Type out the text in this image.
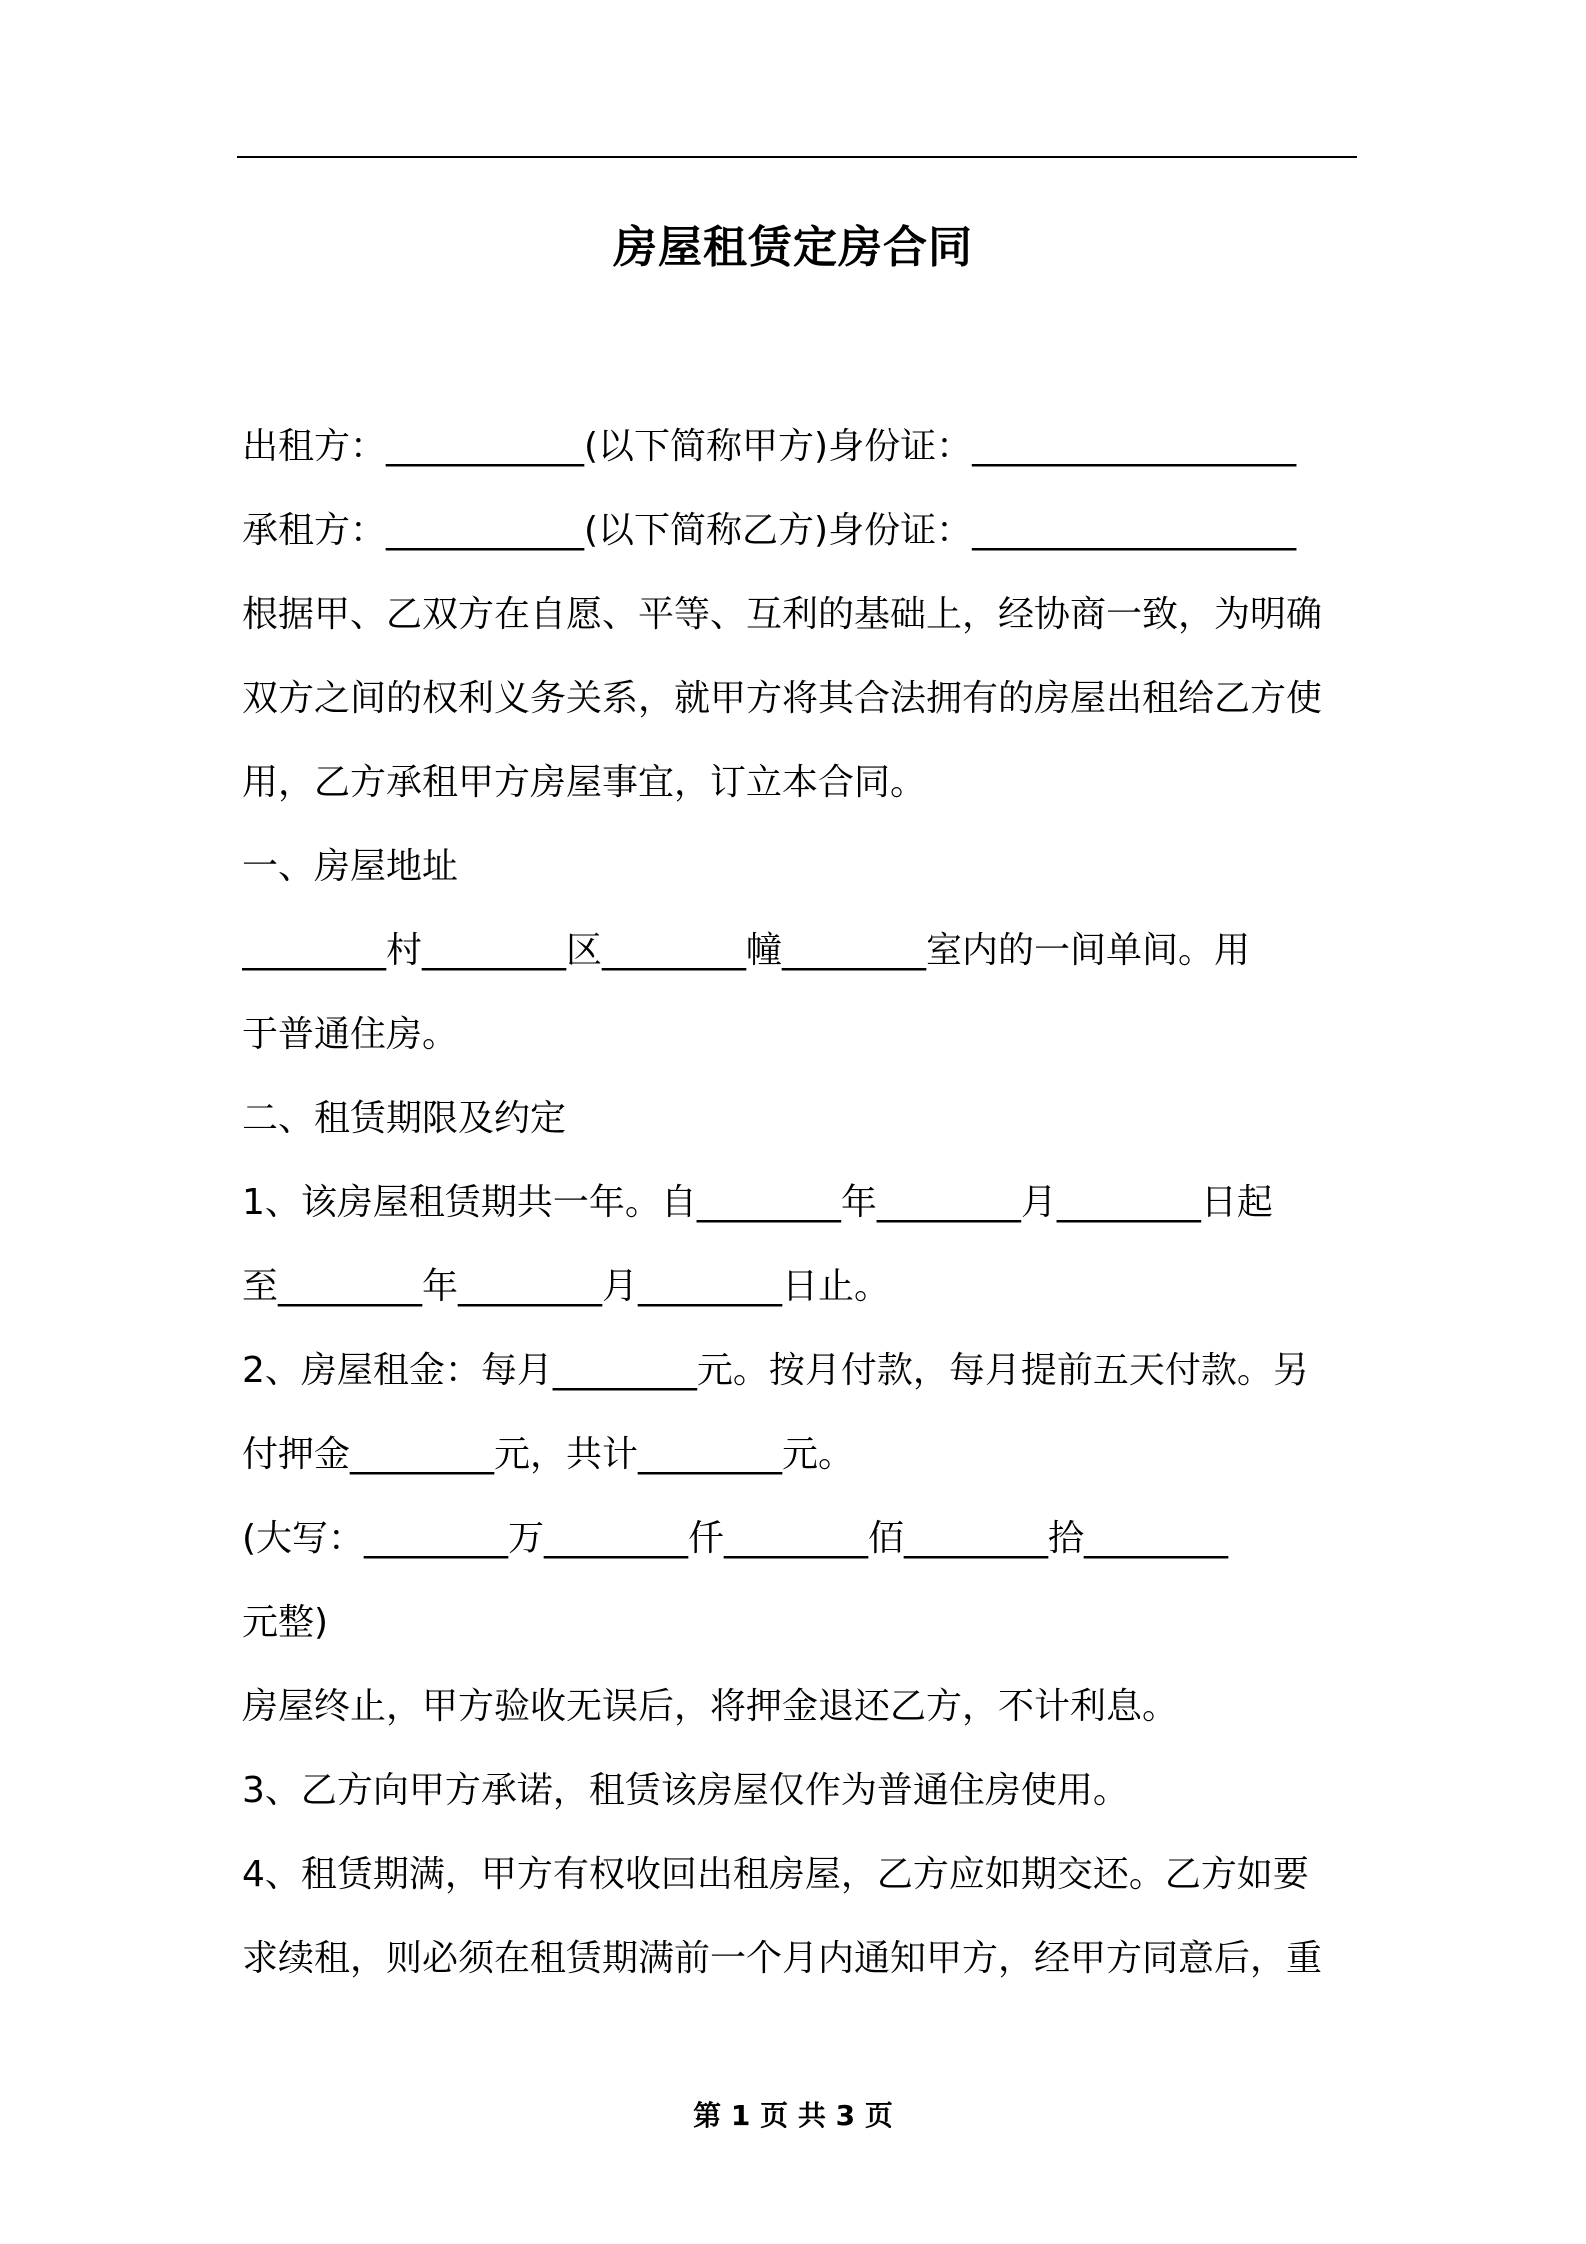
房屋租赁定房合同
出租方：___________(以下简称甲方)身份证：__________________
承租方：___________(以下简称乙方)身份证：__________________
根据甲、乙双方在自愿、平等、互利的基础上，经协商一致，为明确
双方之间的权利义务关系，就甲方将其合法拥有的房屋出租给乙方使
用，乙方承租甲方房屋事宜，订立本合同。
一、房屋地址
________村________区________幢________室内的一间单间。用
于普通住房。
二、租赁期限及约定
1、该房屋租赁期共一年。自________年________月________日起
至________年________月________日止。
2、房屋租金：每月________元。按月付款，每月提前五天付款。另
付押金________元，共计________元。
(大写：________万________仟________佰________拾________
元整)
房屋终止，甲方验收无误后，将押金退还乙方，不计利息。
3、乙方向甲方承诺，租赁该房屋仅作为普通住房使用。
4、租赁期满，甲方有权收回出租房屋，乙方应如期交还。乙方如要
求续租，则必须在租赁期满前一个月内通知甲方，经甲方同意后，重
第 1 页 共 3 页
